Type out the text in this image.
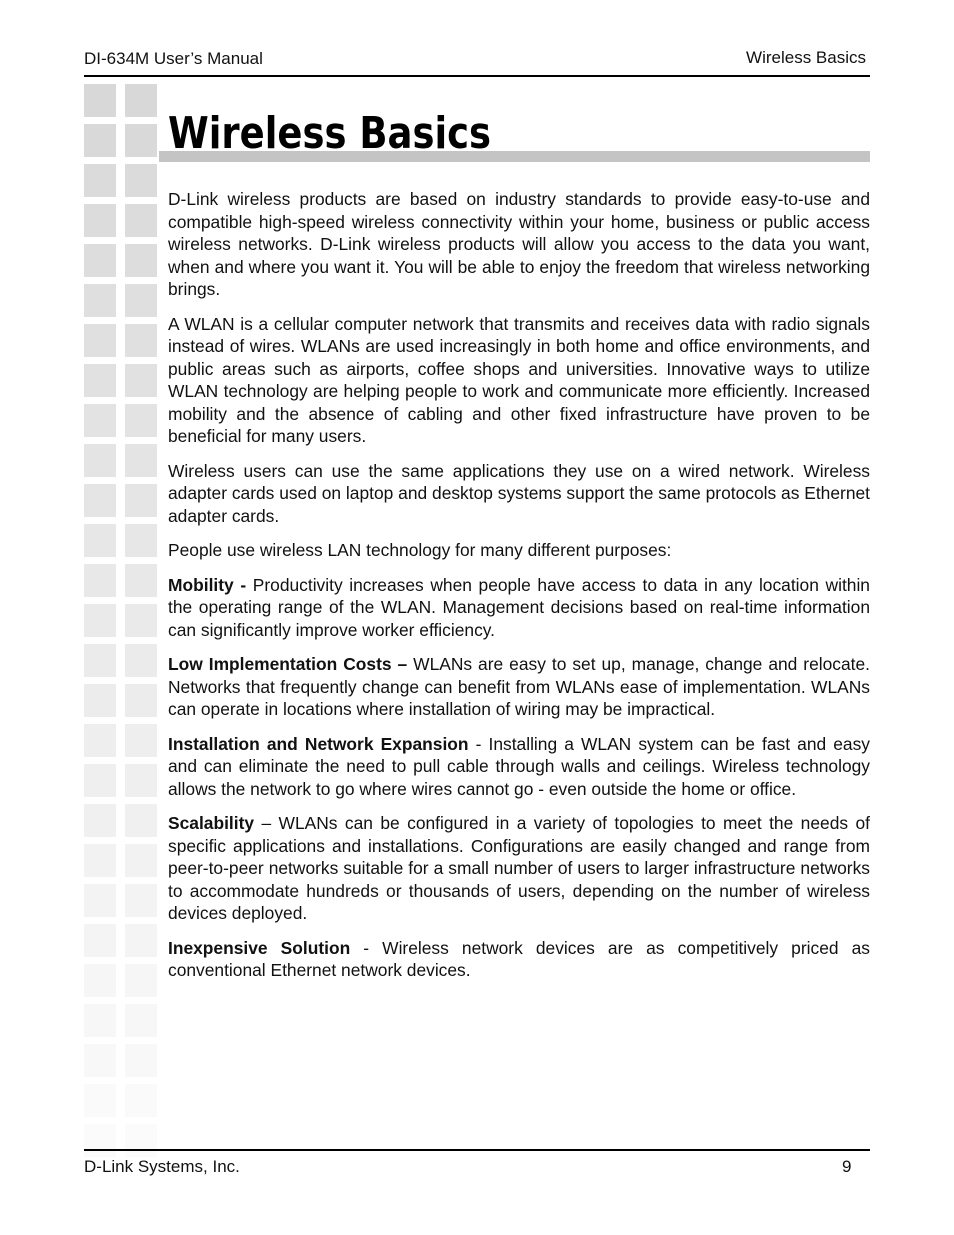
DI-634M User’s Manual	Wireless Basics
Wireless Basics

D-Link wireless products are based on industry standards to provide easy-to-use and compatible high-speed wireless connectivity within your home, business or public access wireless networks. D-Link wireless products will allow you access to the data you want, when and where you want it. You will be able to enjoy the freedom that wireless networking brings.

A WLAN is a cellular computer network that transmits and receives data with radio signals instead of wires. WLANs are used increasingly in both home and office environments, and public areas such as airports, coffee shops and universities. Innovative ways to utilize WLAN technology are helping people to work and communicate more efficiently. Increased mobility and the absence of cabling and other fixed infrastructure have proven to be beneficial for many users.

Wireless users can use the same applications they use on a wired network. Wireless adapter cards used on laptop and desktop systems support the same protocols as Ethernet adapter cards.

People use wireless LAN technology for many different purposes:

Mobility - Productivity increases when people have access to data in any location within the operating range of the WLAN. Management decisions based on real-time information can significantly improve worker efficiency.

Low Implementation Costs – WLANs are easy to set up, manage, change and relocate. Networks that frequently change can benefit from WLANs ease of implementation. WLANs can operate in locations where installation of wiring may be impractical.

Installation and Network Expansion - Installing a WLAN system can be fast and easy and can eliminate the need to pull cable through walls and ceilings. Wireless technology allows the network to go where wires cannot go - even outside the home or office.

Scalability – WLANs can be configured in a variety of topologies to meet the needs of specific applications and installations. Configurations are easily changed and range from peer-to-peer networks suitable for a small number of users to larger infrastructure networks to accommodate hundreds or thousands of users, depending on the number of wireless devices deployed.

Inexpensive Solution - Wireless network devices are as competitively priced as conventional Ethernet network devices.

D-Link Systems, Inc.	9
